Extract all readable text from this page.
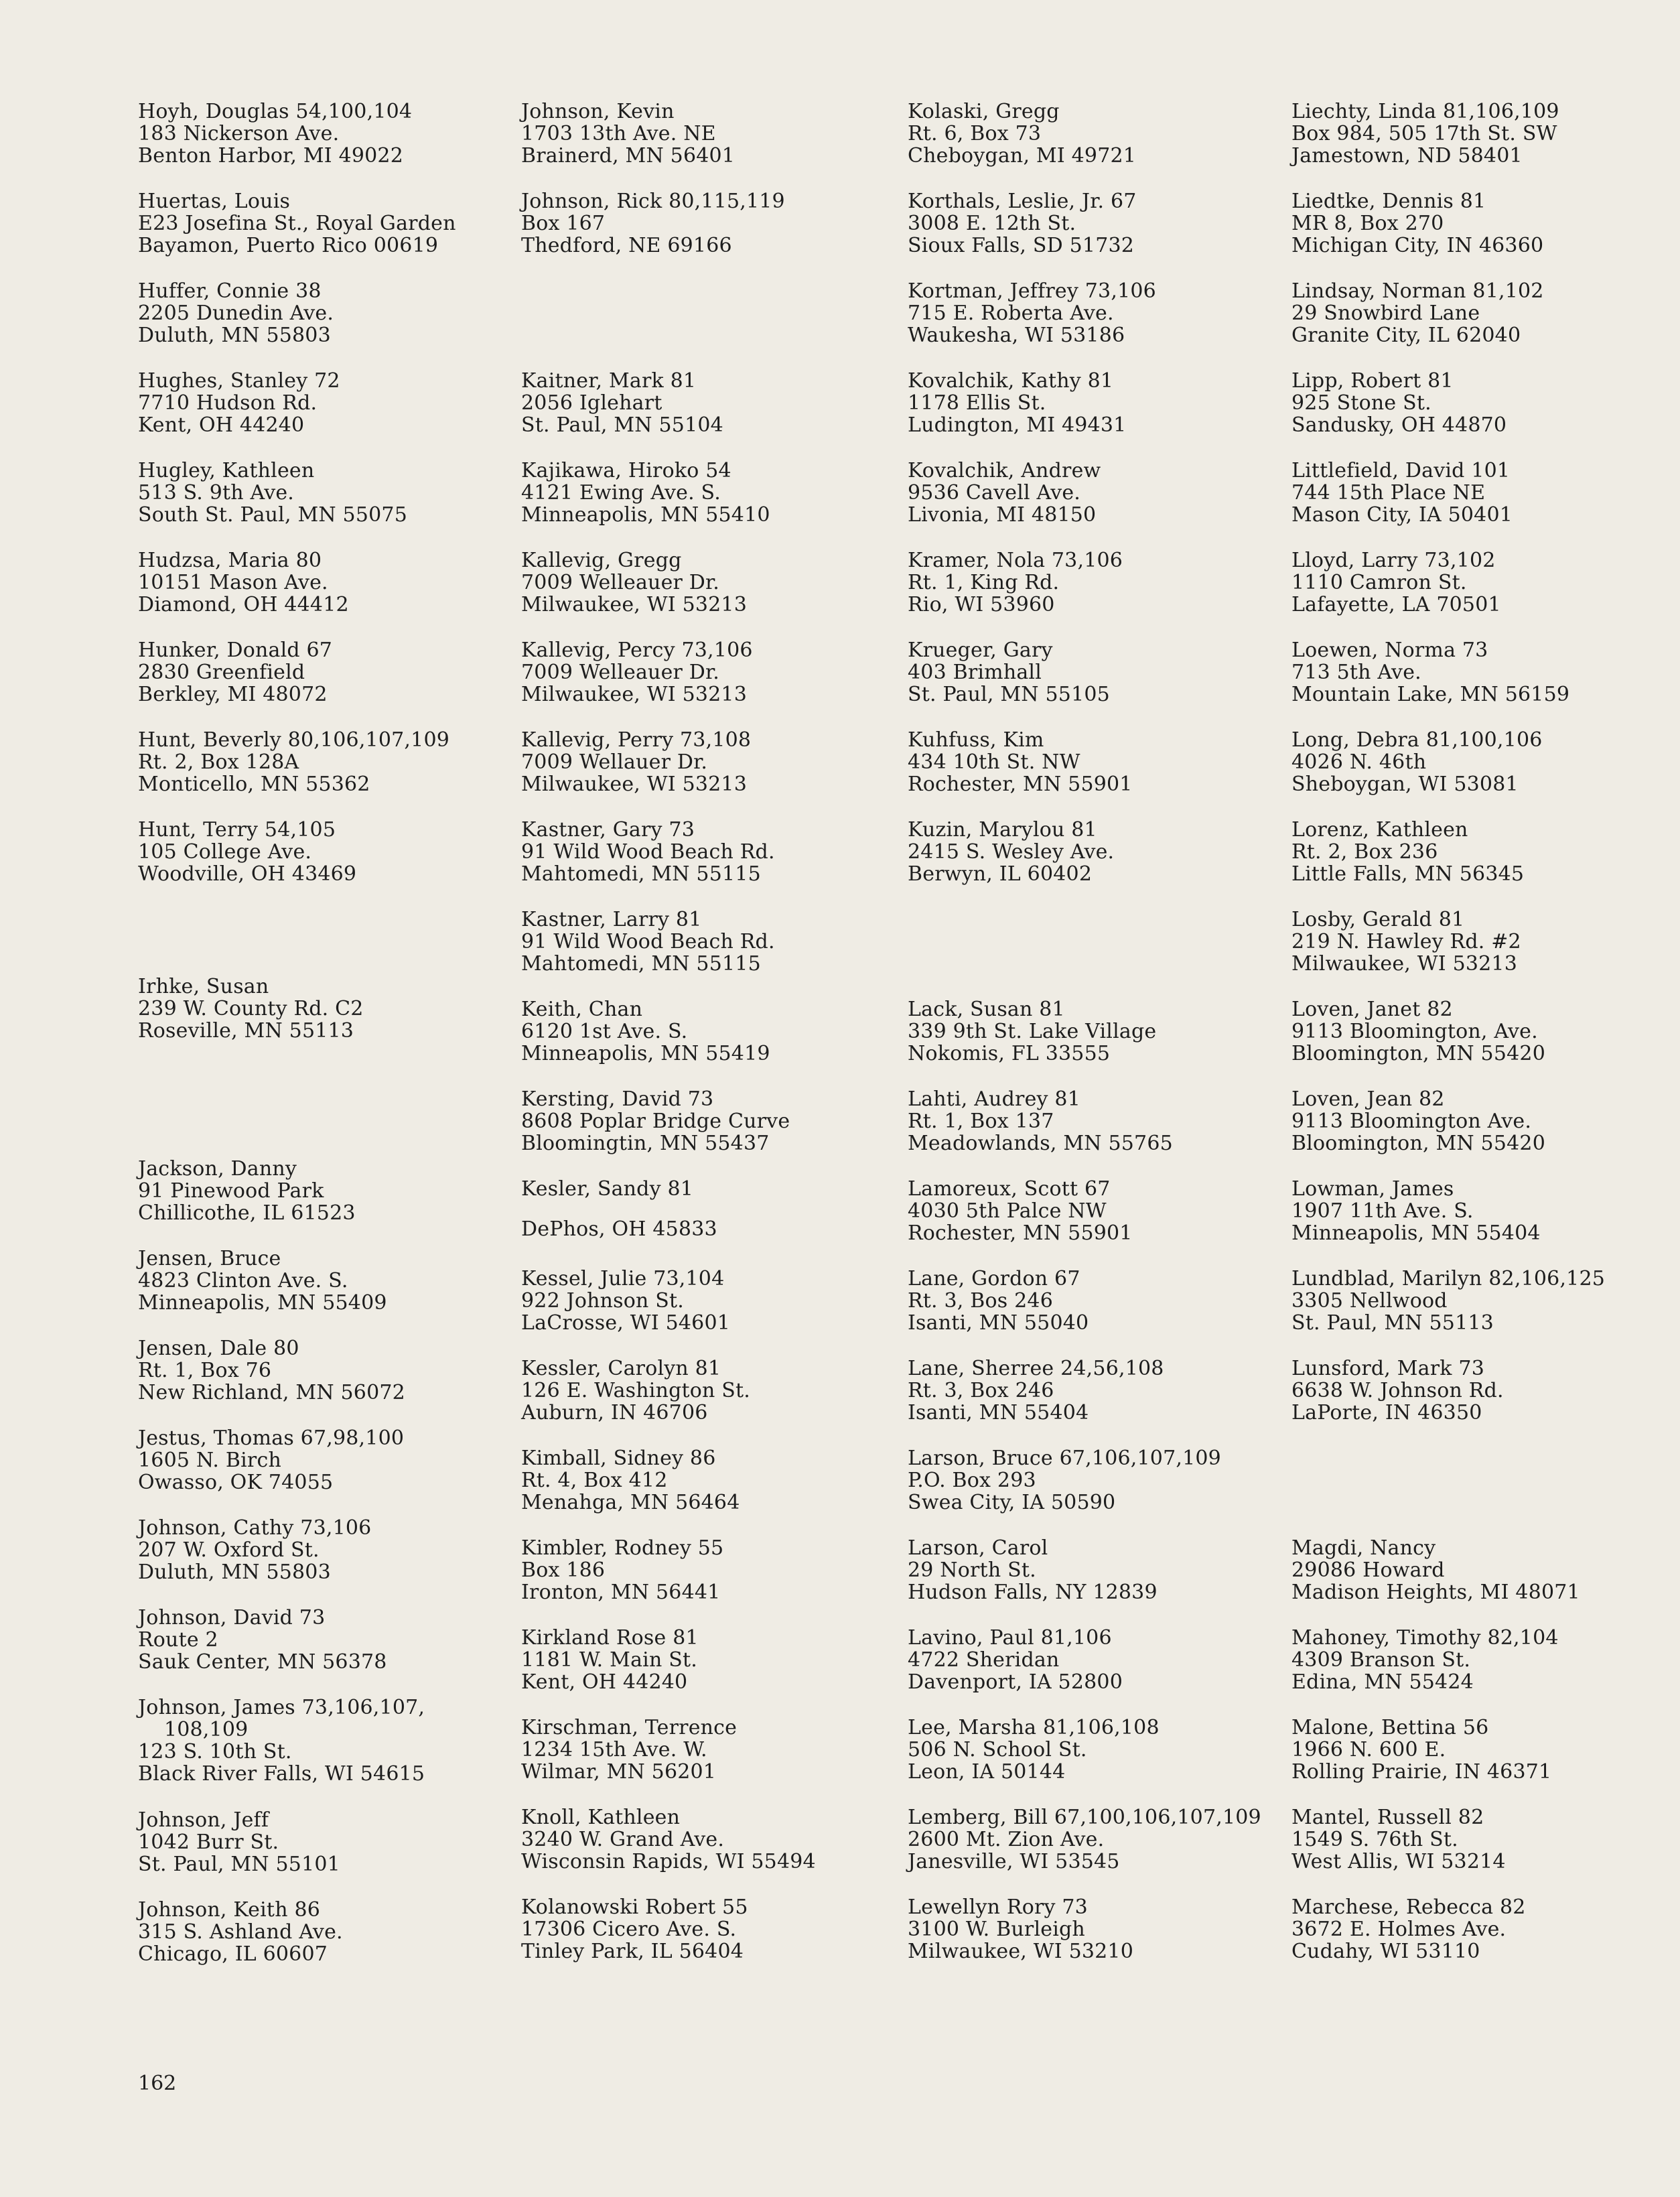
Hoyh, Douglas 54,100,104
183 Nickerson Ave.
Benton Harbor, MI 49022
Huertas, Louis
E23 Josefina St., Royal Garden
Bayamon, Puerto Rico 00619
Huffer, Connie 38
2205 Dunedin Ave.
Duluth, MN 55803
Hughes, Stanley 72
7710 Hudson Rd.
Kent, OH 44240
Hugley, Kathleen
513 S. 9th Ave.
South St. Paul, MN 55075
Hudzsa, Maria 80
10151 Mason Ave.
Diamond, OH 44412
Hunker, Donald 67
2830 Greenfield
Berkley, MI 48072
Hunt, Beverly 80,106,107,109
Rt. 2, Box 128A
Monticello, MN 55362
Hunt, Terry 54,105
105 College Ave.
Woodville, OH 43469
Irhke, Susan
239 W. County Rd. C2
Roseville, MN 55113
Jackson, Danny
91 Pinewood Park
Chillicothe, IL 61523
Jensen, Bruce
4823 Clinton Ave. S.
Minneapolis, MN 55409
Jensen, Dale 80
Rt. 1, Box 76
New Richland, MN 56072
Jestus, Thomas 67,98,100
1605 N. Birch
Owasso, OK 74055
Johnson, Cathy 73,106
207 W. Oxford St.
Duluth, MN 55803
Johnson, David 73
Route 2
Sauk Center, MN 56378
Johnson, James 73,106,107,
108,109
123 S. 10th St.
Black River Falls, WI 54615
Johnson, Jeff
1042 Burr St.
St. Paul, MN 55101
Johnson, Keith 86
315 S. Ashland Ave.
Chicago, IL 60607
Johnson, Kevin
1703 13th Ave. NE
Brainerd, MN 56401
Johnson, Rick 80,115,119
Box 167
Thedford, NE 69166
Kaitner, Mark 81
2056 Iglehart
St. Paul, MN 55104
Kajikawa, Hiroko 54
4121 Ewing Ave. S.
Minneapolis, MN 55410
Kallevig, Gregg
7009 Welleauer Dr.
Milwaukee, WI 53213
Kallevig, Percy 73,106
7009 Welleauer Dr.
Milwaukee, WI 53213
Kallevig, Perry 73,108
7009 Wellauer Dr.
Milwaukee, WI 53213
Kastner, Gary 73
91 Wild Wood Beach Rd.
Mahtomedi, MN 55115
Kastner, Larry 81
91 Wild Wood Beach Rd.
Mahtomedi, MN 55115
Keith, Chan
6120 1st Ave. S.
Minneapolis, MN 55419
Kersting, David 73
8608 Poplar Bridge Curve
Bloomingtin, MN 55437
Kesler, Sandy 81
DePhos, OH 45833
Kessel, Julie 73,104
922 Johnson St.
LaCrosse, WI 54601
Kessler, Carolyn 81
126 E. Washington St.
Auburn, IN 46706
Kimball, Sidney 86
Rt. 4, Box 412
Menahga, MN 56464
Kimbler, Rodney 55
Box 186
Ironton, MN 56441
Kirkland Rose 81
1181 W. Main St.
Kent, OH 44240
Kirschman, Terrence
1234 15th Ave. W.
Wilmar, MN 56201
Knoll, Kathleen
3240 W. Grand Ave.
Wisconsin Rapids, WI 55494
Kolanowski Robert 55
17306 Cicero Ave. S.
Tinley Park, IL 56404
Kolaski, Gregg
Rt. 6, Box 73
Cheboygan, MI 49721
Korthals, Leslie, Jr. 67
3008 E. 12th St.
Sioux Falls, SD 51732
Kortman, Jeffrey 73,106
715 E. Roberta Ave.
Waukesha, WI 53186
Kovalchik, Kathy 81
1178 Ellis St.
Ludington, MI 49431
Kovalchik, Andrew
9536 Cavell Ave.
Livonia, MI 48150
Kramer, Nola 73,106
Rt. 1, King Rd.
Rio, WI 53960
Krueger, Gary
403 Brimhall
St. Paul, MN 55105
Kuhfuss, Kim
434 10th St. NW
Rochester, MN 55901
Kuzin, Marylou 81
2415 S. Wesley Ave.
Berwyn, IL 60402
Lack, Susan 81
339 9th St. Lake Village
Nokomis, FL 33555
Lahti, Audrey 81
Rt. 1, Box 137
Meadowlands, MN 55765
Lamoreux, Scott 67
4030 5th Palce NW
Rochester, MN 55901
Lane, Gordon 67
Rt. 3, Bos 246
Isanti, MN 55040
Lane, Sherree 24,56,108
Rt. 3, Box 246
Isanti, MN 55404
Larson, Bruce 67,106,107,109
P.O. Box 293
Swea City, IA 50590
Larson, Carol
29 North St.
Hudson Falls, NY 12839
Lavino, Paul 81,106
4722 Sheridan
Davenport, IA 52800
Lee, Marsha 81,106,108
506 N. School St.
Leon, IA 50144
Lemberg, Bill 67,100,106,107,109
2600 Mt. Zion Ave.
Janesville, WI 53545
Lewellyn Rory 73
3100 W. Burleigh
Milwaukee, WI 53210
Liechty, Linda 81,106,109
Box 984, 505 17th St. SW
Jamestown, ND 58401
Liedtke, Dennis 81
MR 8, Box 270
Michigan City, IN 46360
Lindsay, Norman 81,102
29 Snowbird Lane
Granite City, IL 62040
Lipp, Robert 81
925 Stone St.
Sandusky, OH 44870
Littlefield, David 101
744 15th Place NE
Mason City, IA 50401
Lloyd, Larry 73,102
1110 Camron St.
Lafayette, LA 70501
Loewen, Norma 73
713 5th Ave.
Mountain Lake, MN 56159
Long, Debra 81,100,106
4026 N. 46th
Sheboygan, WI 53081
Lorenz, Kathleen
Rt. 2, Box 236
Little Falls, MN 56345
Losby, Gerald 81
219 N. Hawley Rd. #2
Milwaukee, WI 53213
Loven, Janet 82
9113 Bloomington, Ave.
Bloomington, MN 55420
Loven, Jean 82
9113 Bloomington Ave.
Bloomington, MN 55420
Lowman, James
1907 11th Ave. S.
Minneapolis, MN 55404
Lundblad, Marilyn 82,106,125
3305 Nellwood
St. Paul, MN 55113
Lunsford, Mark 73
6638 W. Johnson Rd.
LaPorte, IN 46350
Magdi, Nancy
29086 Howard
Madison Heights, MI 48071
Mahoney, Timothy 82,104
4309 Branson St.
Edina, MN 55424
Malone, Bettina 56
1966 N. 600 E.
Rolling Prairie, IN 46371
Mantel, Russell 82
1549 S. 76th St.
West Allis, WI 53214
Marchese, Rebecca 82
3672 E. Holmes Ave.
Cudahy, WI 53110
162
